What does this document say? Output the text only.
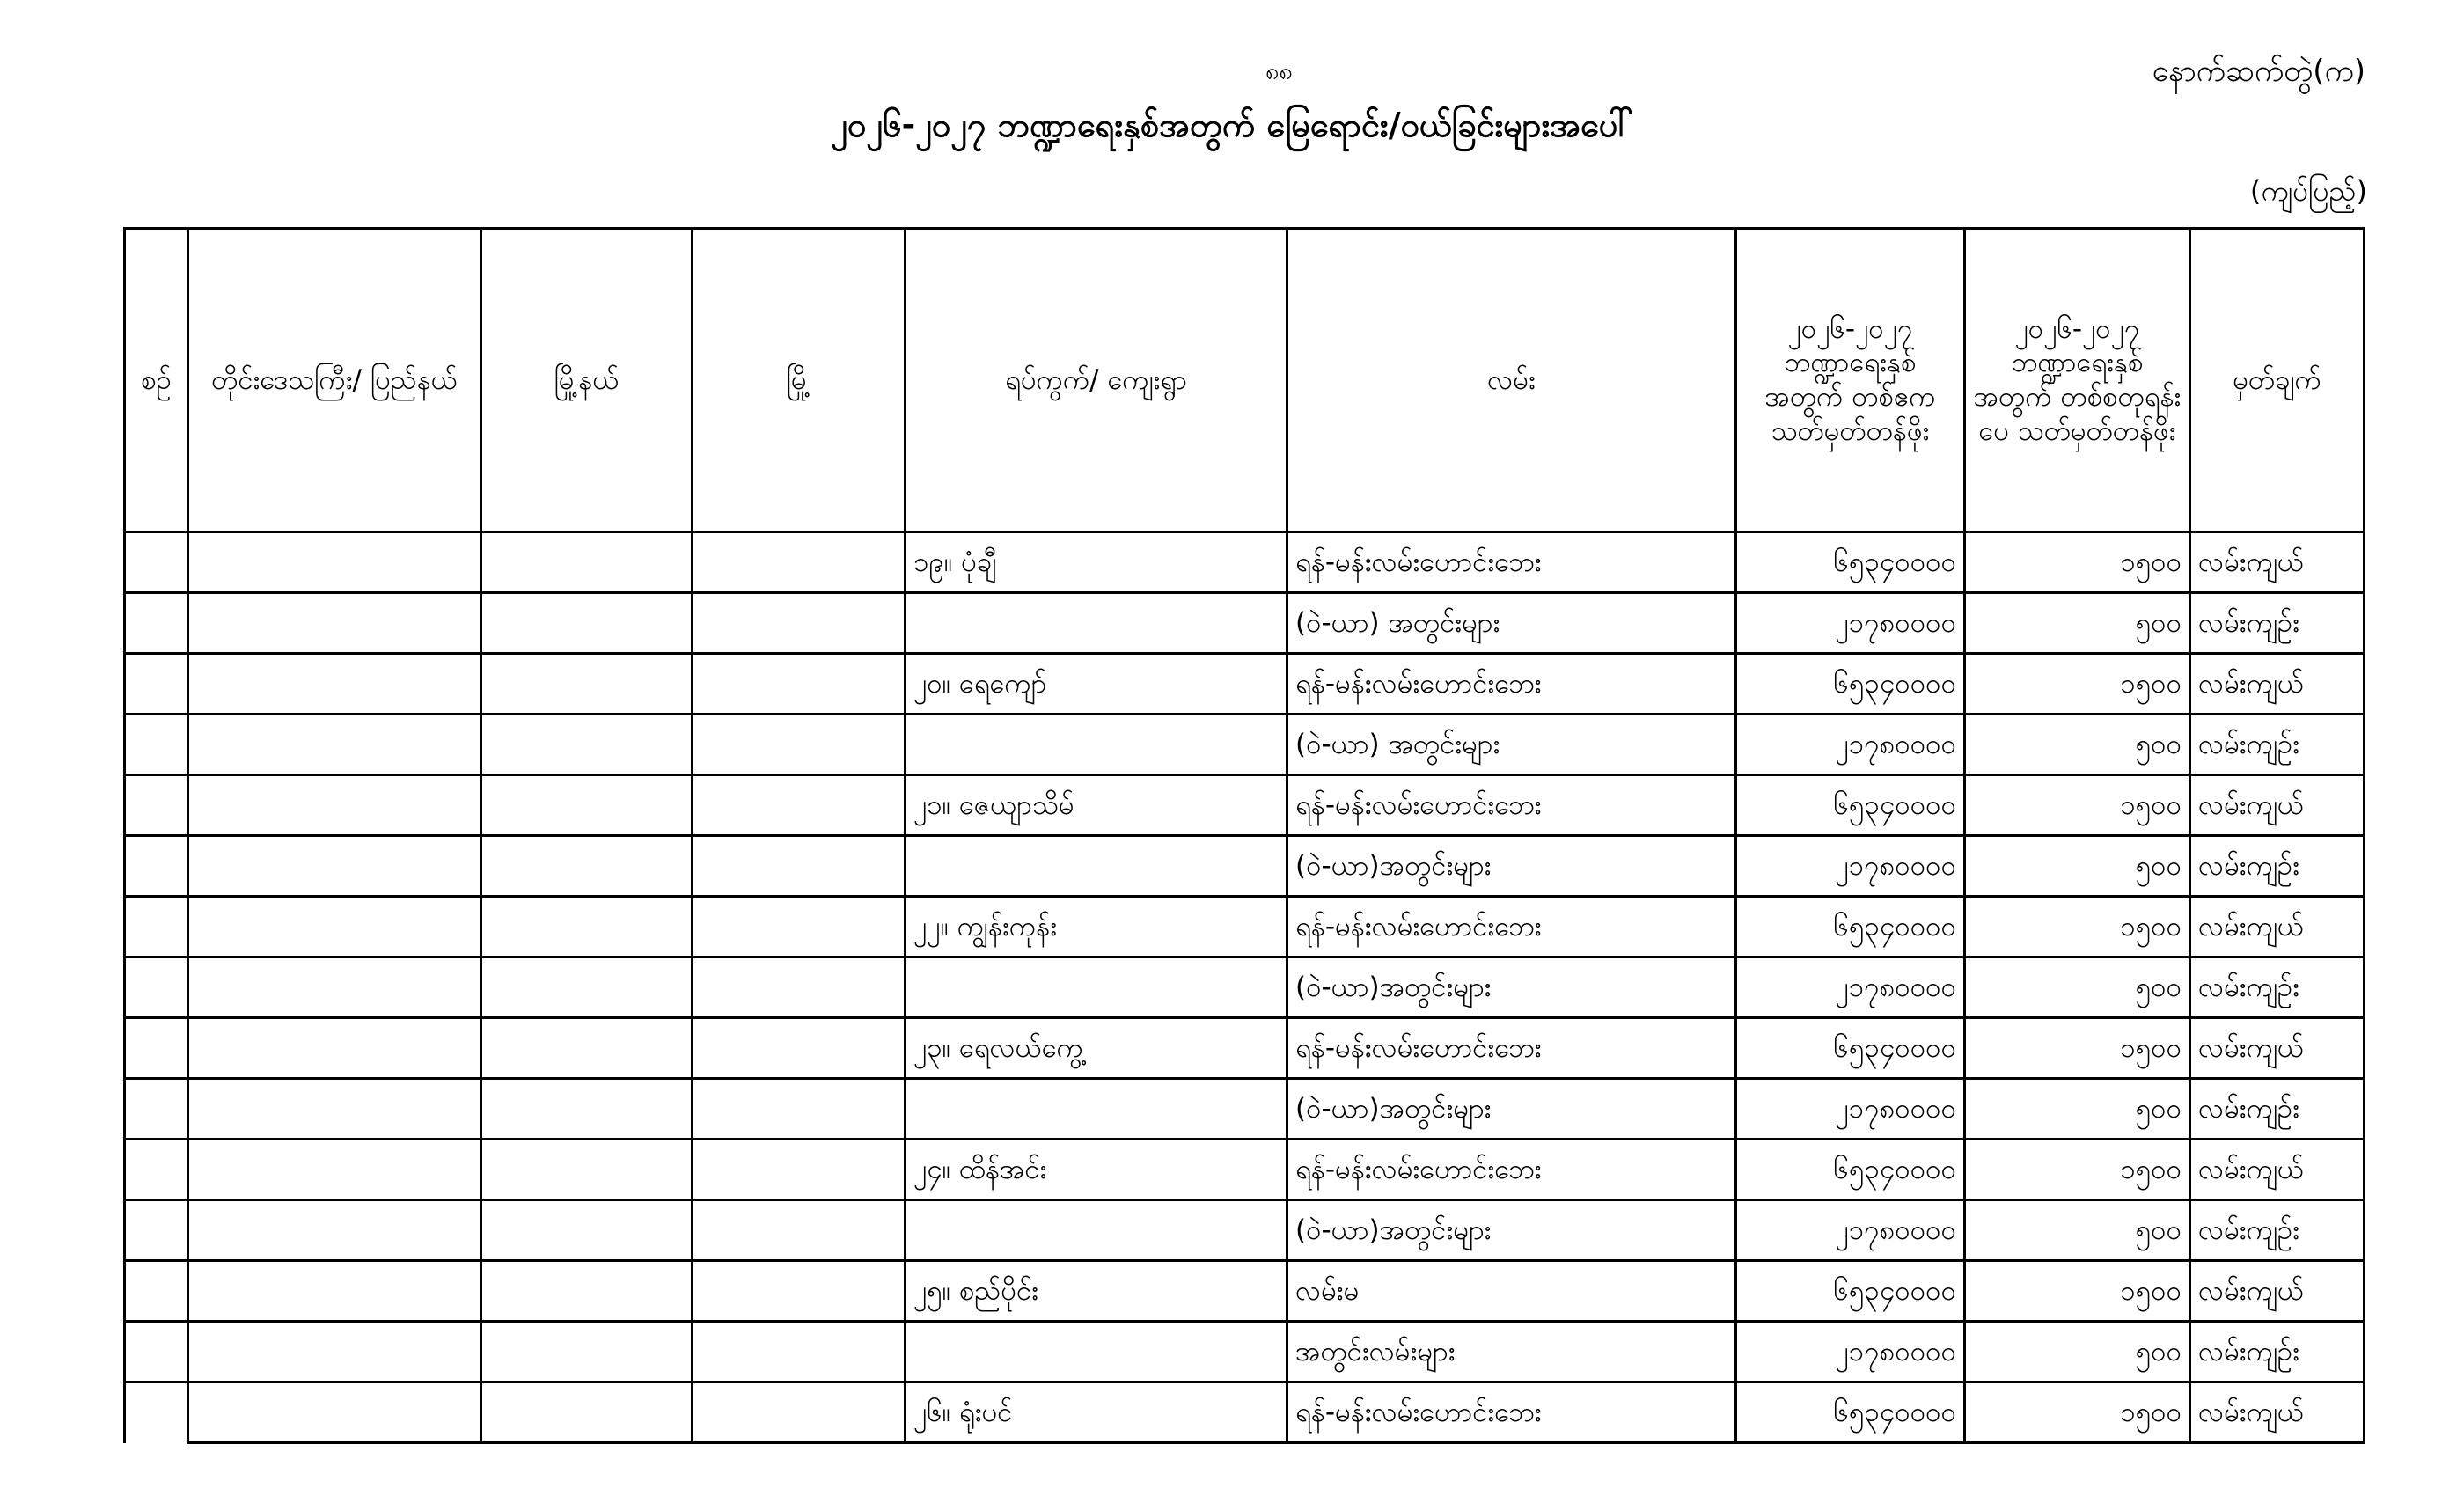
၈၈	နောက်ဆက်တွဲ(က)
၂၀၂၆-၂၀၂၇ ဘဏ္ဍာရေးနှစ်အတွက် မြေရောင်း/ဝယ်ခြင်းများအပေါ်
(ကျပ်ပြည့်)
စဉ်	တိုင်းဒေသကြီး/ ပြည်နယ်	မြို့နယ်	မြို့	ရပ်ကွက်/ ကျေးရွာ	လမ်း	၂၀၂၆-၂၀၂၇ ဘဏ္ဍာရေးနှစ် အတွက် တစ်ဧက သတ်မှတ်တန်ဖိုး	၂၀၂၆-၂၀၂၇ ဘဏ္ဍာရေးနှစ် အတွက် တစ်စတုရန်းပေ သတ်မှတ်တန်ဖိုး	မှတ်ချက်
				၁၉။ ပုံချီ	ရန်-မန်းလမ်းဟောင်းဘေး	၆၅၃၄၀၀၀၀	၁၅၀၀	လမ်းကျယ်
					(ဝဲ-ယာ) အတွင်းများ	၂၁၇၈၀၀၀၀	၅၀၀	လမ်းကျဉ်း
				၂၀။ ရေကျော်	ရန်-မန်းလမ်းဟောင်းဘေး	၆၅၃၄၀၀၀၀	၁၅၀၀	လမ်းကျယ်
					(ဝဲ-ယာ) အတွင်းများ	၂၁၇၈၀၀၀၀	၅၀၀	လမ်းကျဉ်း
				၂၁။ ဇေယျာသိမ်	ရန်-မန်းလမ်းဟောင်းဘေး	၆၅၃၄၀၀၀၀	၁၅၀၀	လမ်းကျယ်
					(ဝဲ-ယာ)အတွင်းများ	၂၁၇၈၀၀၀၀	၅၀၀	လမ်းကျဉ်း
				၂၂။ ကျွန်းကုန်း	ရန်-မန်းလမ်းဟောင်းဘေး	၆၅၃၄၀၀၀၀	၁၅၀၀	လမ်းကျယ်
					(ဝဲ-ယာ)အတွင်းများ	၂၁၇၈၀၀၀၀	၅၀၀	လမ်းကျဉ်း
				၂၃။ ရေလယ်ကွေ့	ရန်-မန်းလမ်းဟောင်းဘေး	၆၅၃၄၀၀၀၀	၁၅၀၀	လမ်းကျယ်
					(ဝဲ-ယာ)အတွင်းများ	၂၁၇၈၀၀၀၀	၅၀၀	လမ်းကျဉ်း
				၂၄။ ထိန်အင်း	ရန်-မန်းလမ်းဟောင်းဘေး	၆၅၃၄၀၀၀၀	၁၅၀၀	လမ်းကျယ်
					(ဝဲ-ယာ)အတွင်းများ	၂၁၇၈၀၀၀၀	၅၀၀	လမ်းကျဉ်း
				၂၅။ စည်ပိုင်း	လမ်းမ	၆၅၃၄၀၀၀၀	၁၅၀၀	လမ်းကျယ်
					အတွင်းလမ်းများ	၂၁၇၈၀၀၀၀	၅၀၀	လမ်းကျဉ်း
				၂၆။ ရုံးပင်	ရန်-မန်းလမ်းဟောင်းဘေး	၆၅၃၄၀၀၀၀	၁၅၀၀	လမ်းကျယ်
